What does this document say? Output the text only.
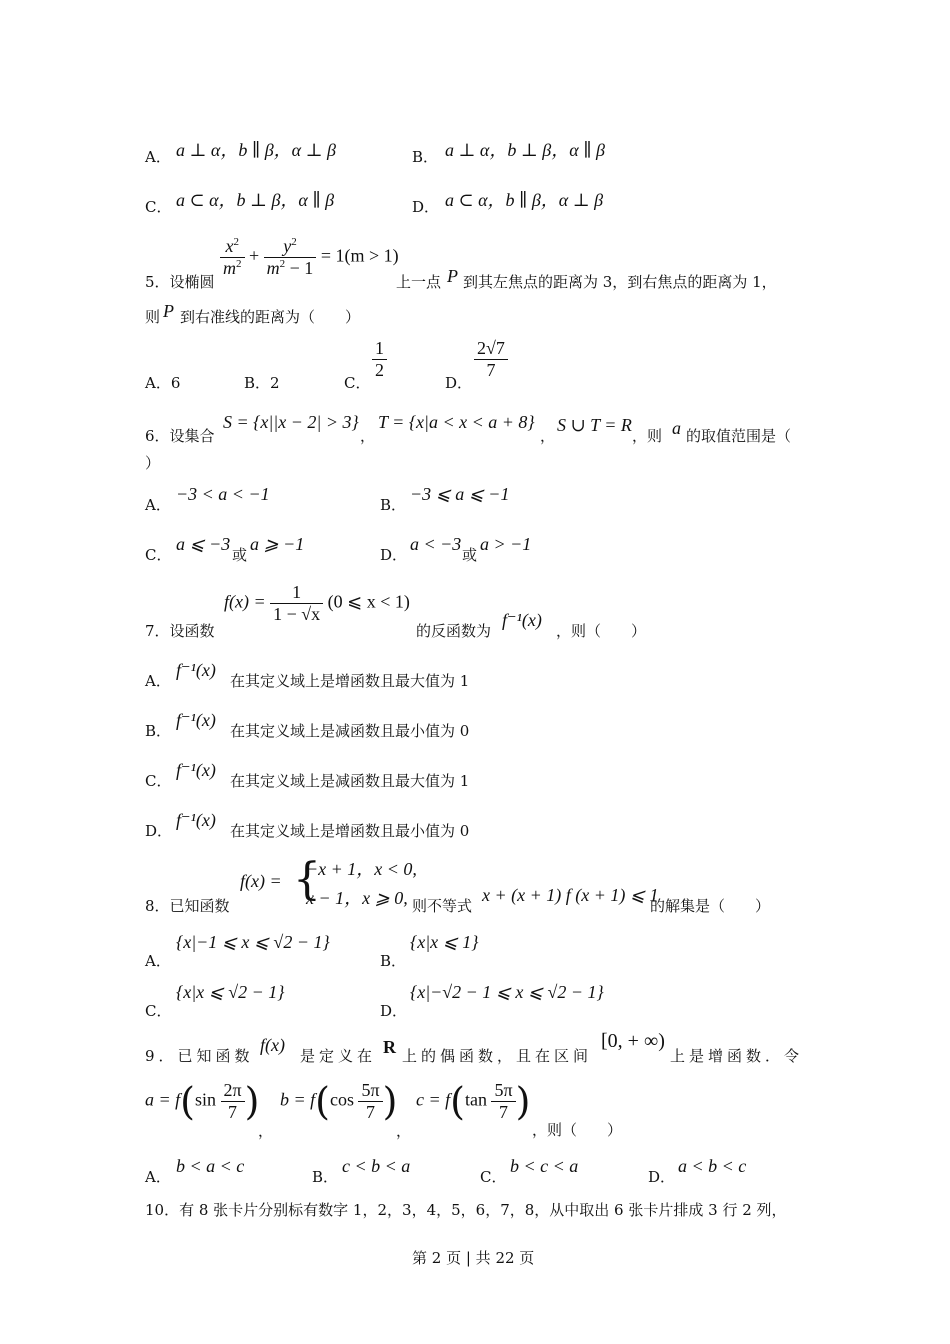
A． a ⊥ α，b ∥ β，α ⊥ β	B． a ⊥ α，b ⊥ β，α ∥ β
C． a ⊂ α，b ⊥ β，α ∥ β	D． a ⊂ α，b ∥ β，α ⊥ β
5．设椭圆
$\frac{x^2}{m^2} + \frac{y^2}{m^2 - 1} = 1(m > 1)$
上一点 P 到其左焦点的距离为 3，到右焦点的距离为 1，
则 P 到右准线的距离为（　　）
A．6	B．2	C．
$\frac{1}{2}$
D．
$\frac{2√7}{7}$
6．设集合
S = {x||x − 2| > 3}
，
T = {x|a < x < a + 8}
，
S ∪ T = R
，则 a 的取值范围是（
）
A．
−3 < a < −1
B．
−3 ⩽ a ⩽ −1
C．
a ⩽ −3
或
a ⩾ −1
D．
a < −3
或
a > −1
7．设函数
$f(x) = \frac{1}{1 - √x} (0$ ⩽ x < 1)
的反函数为
f⁻¹(x)
，则（　　）
A．
f⁻¹(x)
在其定义域上是增函数且最大值为 1
B．
f⁻¹(x)
在其定义域上是减函数且最小值为 0
C．
f⁻¹(x)
在其定义域上是减函数且最大值为 1
D．
f⁻¹(x)
在其定义域上是增函数且最小值为 0
8．已知函数
f(x) = {
−x + 1，x < 0,
x − 1，x ⩾ 0, 则不等式
x + (x + 1) f (x + 1) ⩽ 1
的解集是（　　）
A．
{x|−1 ⩽ x ⩽ √2 − 1}
B．
{x|x ⩽ 1}
C．
{x|x ⩽ √2 − 1}
D．
{x|−√2 − 1 ⩽ x ⩽ √2 − 1}
9．已知函数
f(x)
是定义在 R 上的偶函数，且在区间
[0, + ∞)
上是增函数．令
$a = f(\sin \frac{2\pi}{7}$ )
，
$b = f(\cos \frac{5\pi}{7}$ )
，
$c = f(\tan \frac{5\pi}{7}$ )
，则（　　）
A．
b < a < c
B．
c < b < a
C．
b < c < a
D．
a < b < c
10．有 8 张卡片分别标有数字 1，2，3，4，5，6，7，8，从中取出 6 张卡片排成 3 行 2 列，
第 2 页 | 共 22 页
